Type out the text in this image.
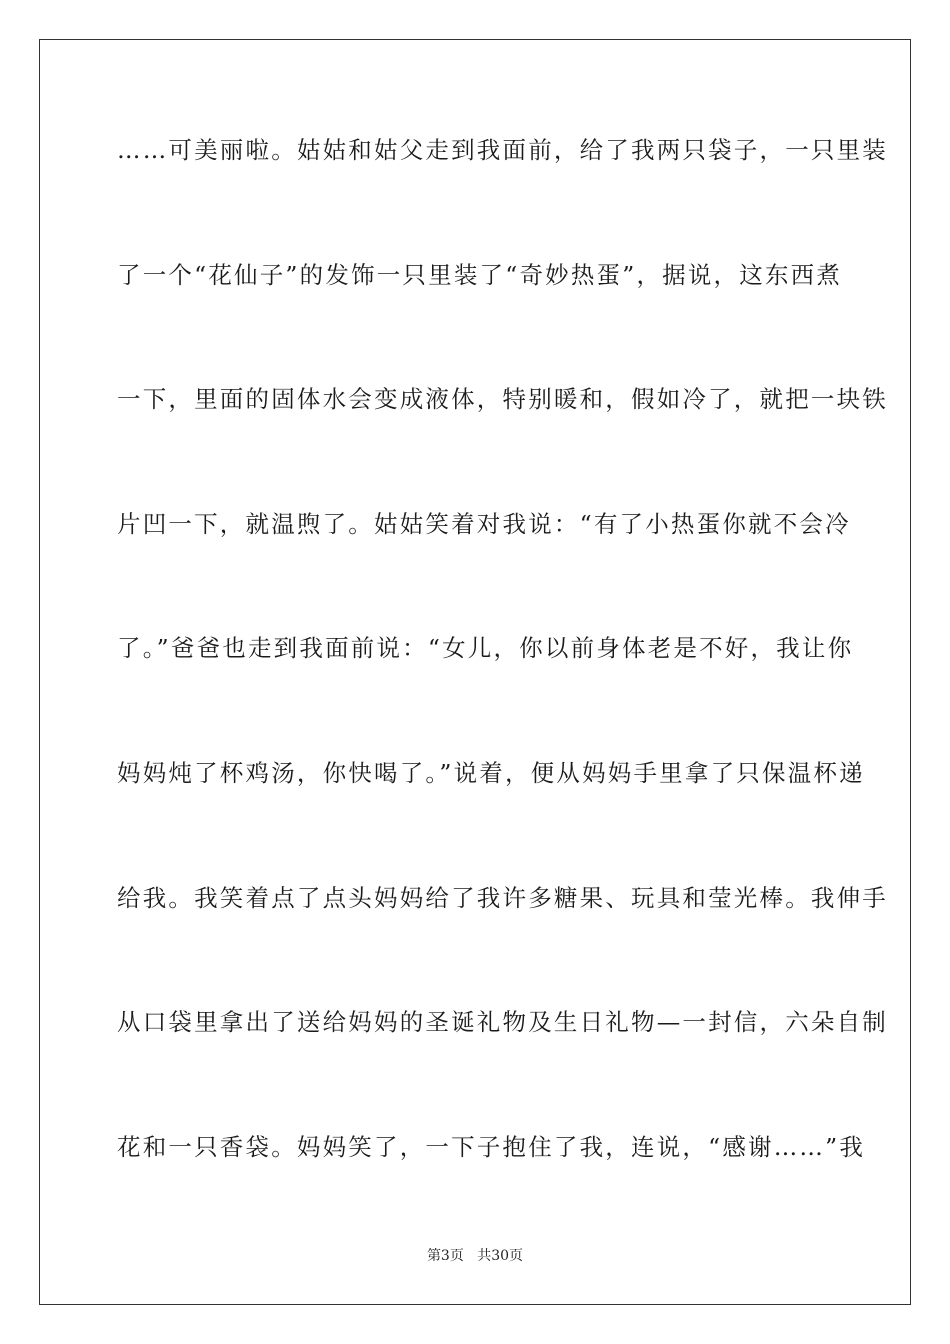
……可美丽啦。姑姑和姑父走到我面前，给了我两只袋子，一只里装
了一个“花仙子”的发饰一只里装了“奇妙热蛋”，据说，这东西煮
一下，里面的固体水会变成液体，特别暖和，假如冷了，就把一块铁
片凹一下，就温煦了。姑姑笑着对我说：“有了小热蛋你就不会冷
了。”爸爸也走到我面前说：“女儿，你以前身体老是不好，我让你
妈妈炖了杯鸡汤，你快喝了。”说着，便从妈妈手里拿了只保温杯递
给我。我笑着点了点头妈妈给了我许多糖果、玩具和莹光棒。我伸手
从口袋里拿出了送给妈妈的圣诞礼物及生日礼物—一封信，六朵自制
花和一只香袋。妈妈笑了，一下子抱住了我，连说，“感谢……”我
第3页 共30页
